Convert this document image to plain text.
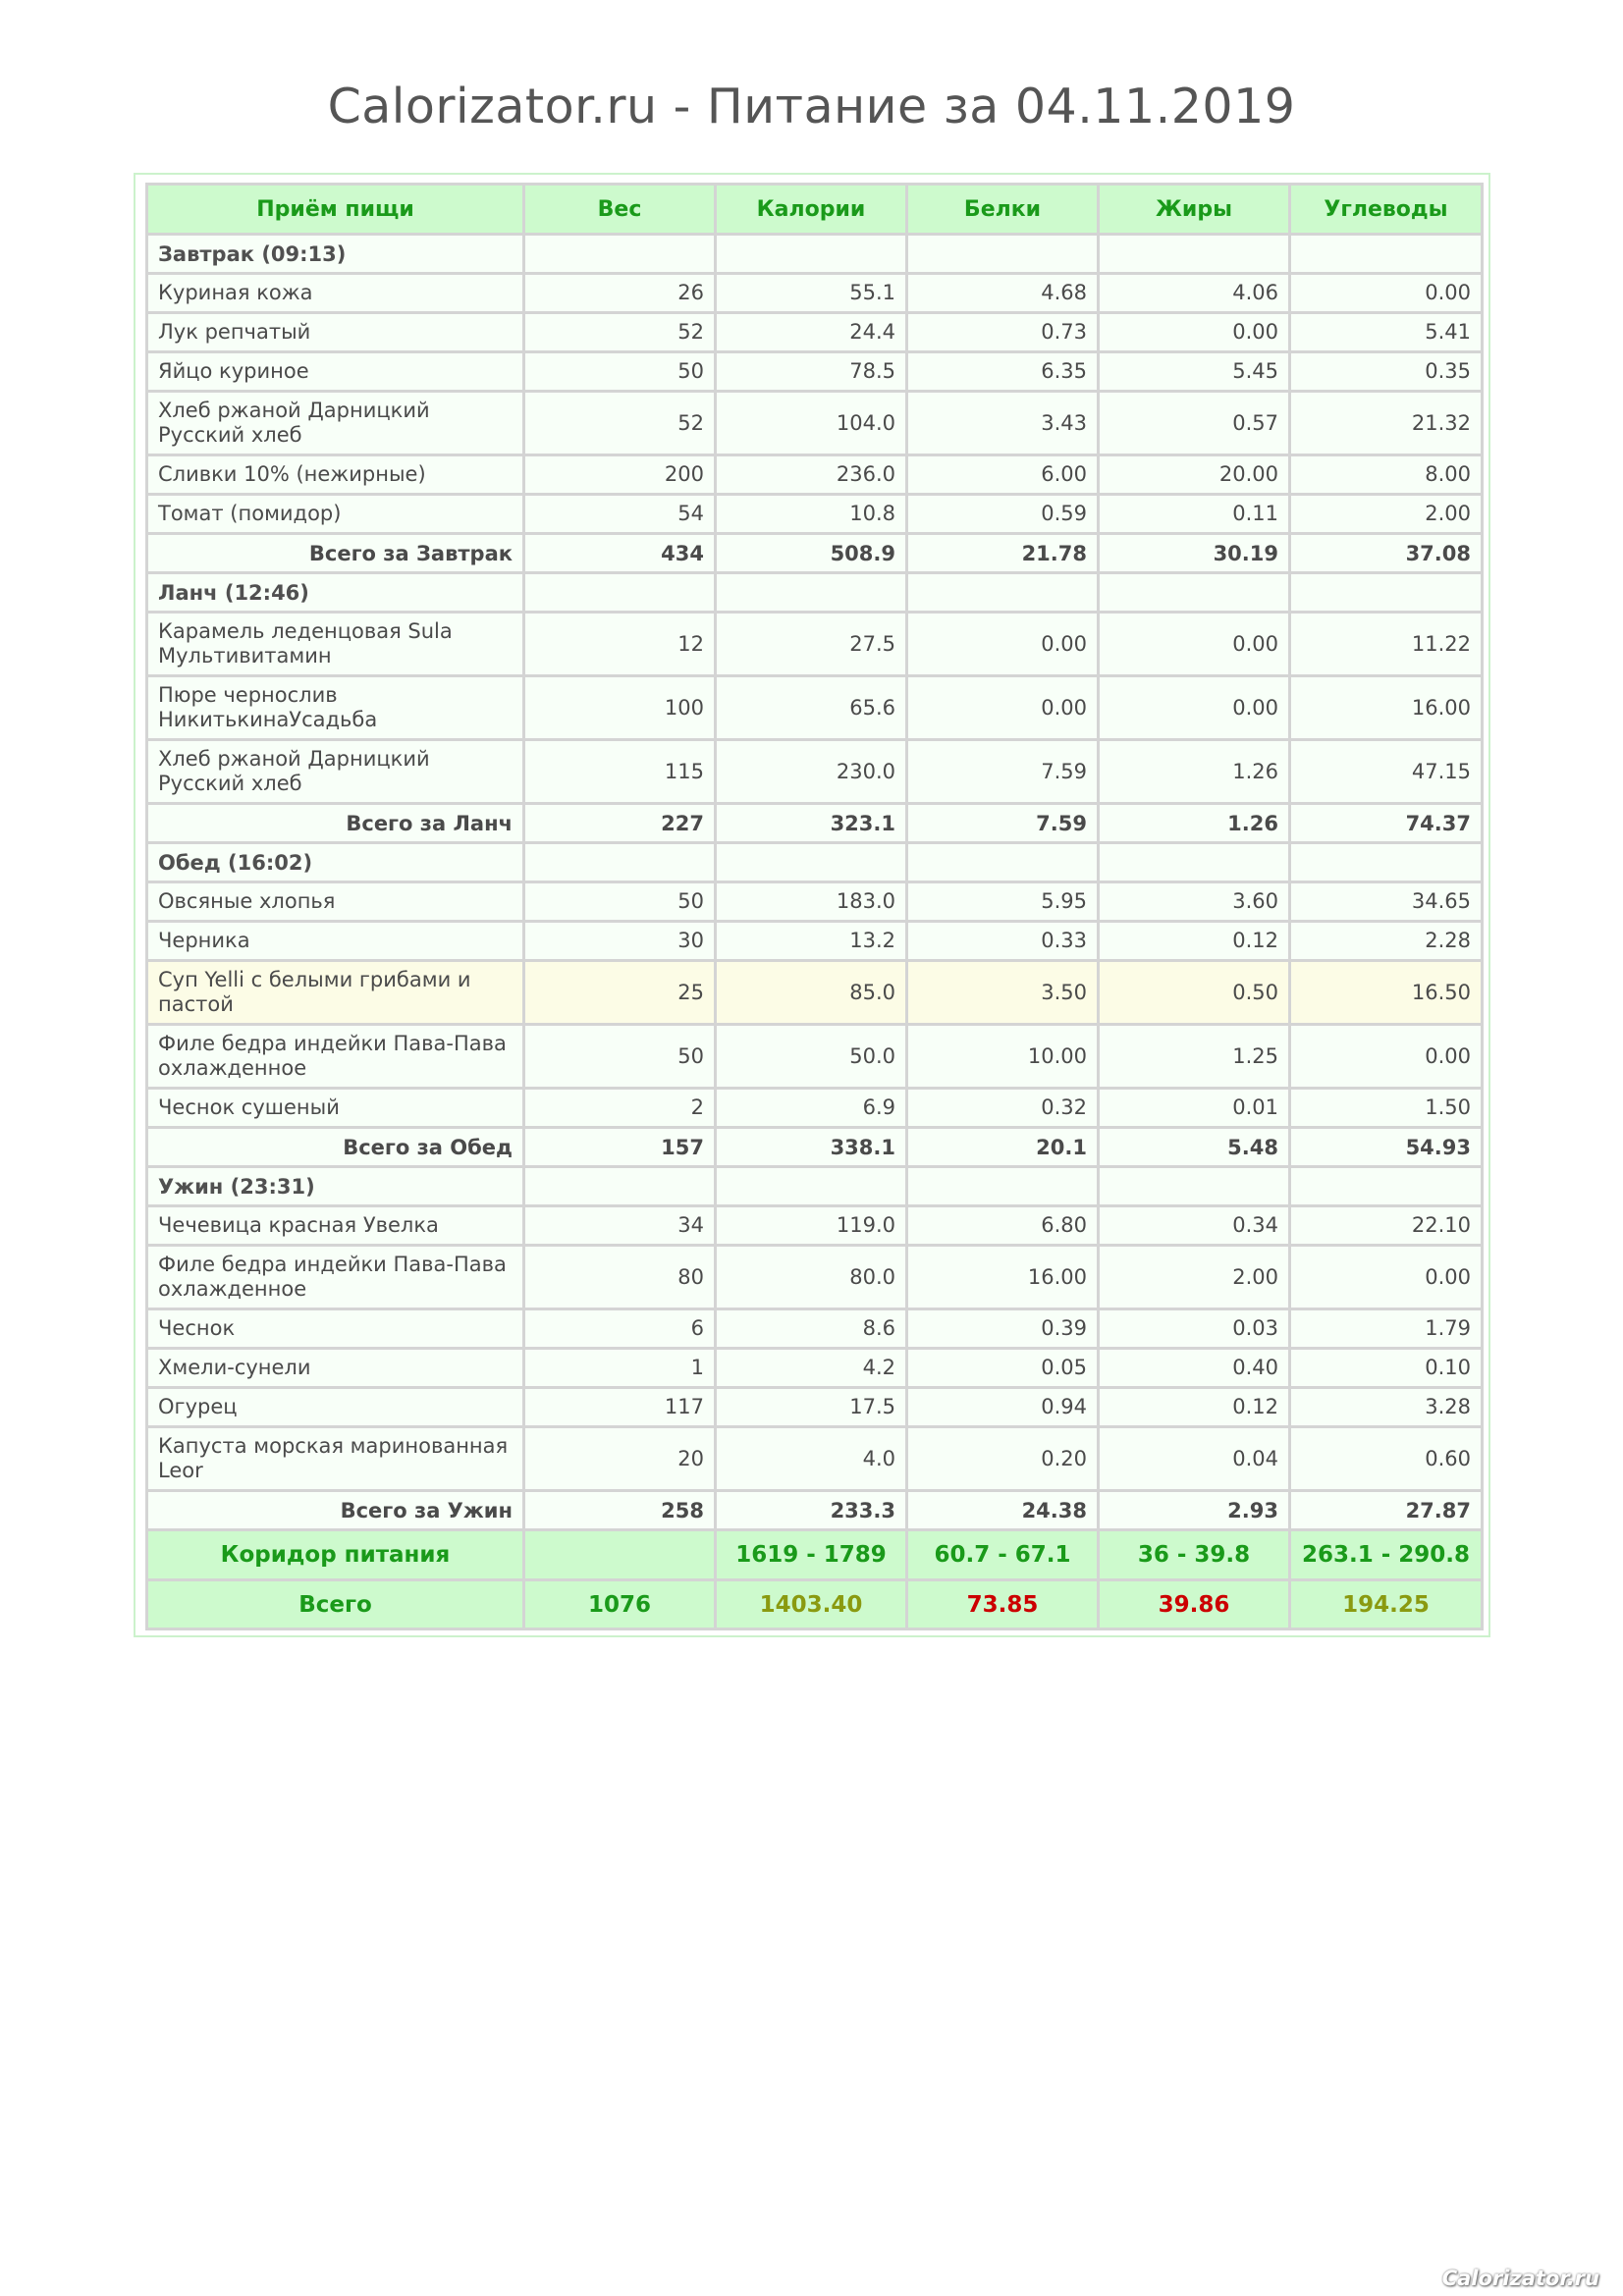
Calorizator.ru - Питание за 04.11.2019
Приём пищи	Вес	Калории	Белки	Жиры	Углеводы
Завтрак (09:13)					
Куриная кожа	26	55.1	4.68	4.06	0.00
Лук репчатый	52	24.4	0.73	0.00	5.41
Яйцо куриное	50	78.5	6.35	5.45	0.35
Хлеб ржаной Дарницкий Русский хлеб	52	104.0	3.43	0.57	21.32
Сливки 10% (нежирные)	200	236.0	6.00	20.00	8.00
Томат (помидор)	54	10.8	0.59	0.11	2.00
Всего за Завтрак	434	508.9	21.78	30.19	37.08
Ланч (12:46)					
Карамель леденцовая Sula Мультивитамин	12	27.5	0.00	0.00	11.22
Пюре чернослив НикитькинаУсадьба	100	65.6	0.00	0.00	16.00
Хлеб ржаной Дарницкий Русский хлеб	115	230.0	7.59	1.26	47.15
Всего за Ланч	227	323.1	7.59	1.26	74.37
Обед (16:02)					
Овсяные хлопья	50	183.0	5.95	3.60	34.65
Черника	30	13.2	0.33	0.12	2.28
Суп Yelli с белыми грибами и пастой	25	85.0	3.50	0.50	16.50
Филе бедра индейки Пава-Пава охлажденное	50	50.0	10.00	1.25	0.00
Чеснок сушеный	2	6.9	0.32	0.01	1.50
Всего за Обед	157	338.1	20.1	5.48	54.93
Ужин (23:31)					
Чечевица красная Увелка	34	119.0	6.80	0.34	22.10
Филе бедра индейки Пава-Пава охлажденное	80	80.0	16.00	2.00	0.00
Чеснок	6	8.6	0.39	0.03	1.79
Хмели-сунели	1	4.2	0.05	0.40	0.10
Огурец	117	17.5	0.94	0.12	3.28
Капуста морская маринованная Leor	20	4.0	0.20	0.04	0.60
Всего за Ужин	258	233.3	24.38	2.93	27.87
Коридор питания		1619 - 1789	60.7 - 67.1	36 - 39.8	263.1 - 290.8
Всего	1076	1403.40	73.85	39.86	194.25
Calorizator.ru
